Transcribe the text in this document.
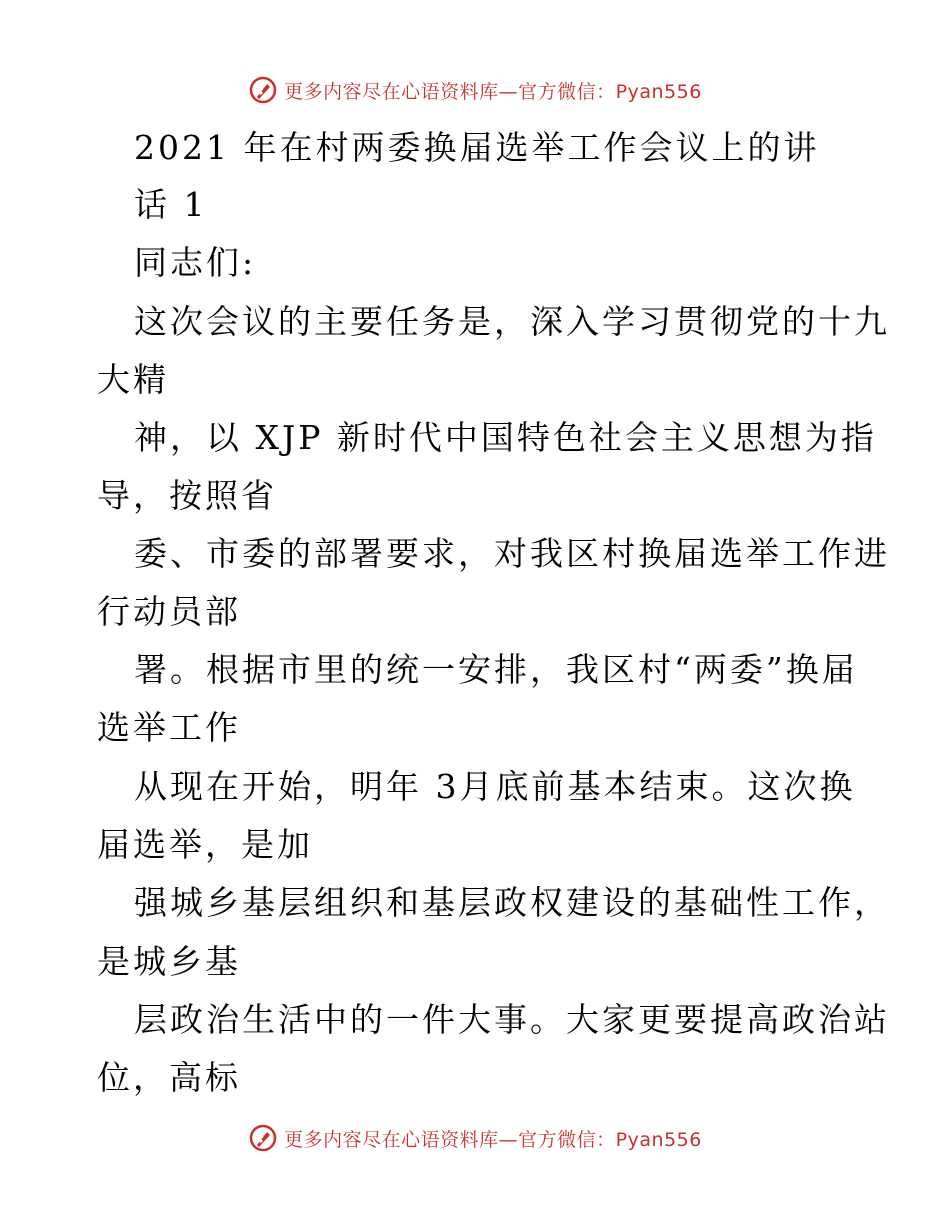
更多内容尽在心语资料库—官方微信：Pyan556
2021 年在村两委换届选举工作会议上的讲
话 1
同志们:
这次会议的主要任务是，深入学习贯彻党的十九
大精
神，以 XJP 新时代中国特色社会主义思想为指
导，按照省
委、市委的部署要求，对我区村换届选举工作进
行动员部
署。根据市里的统一安排，我区村“两委”换届
选举工作
从现在开始，明年 3月底前基本结束。这次换
届选举，是加
强城乡基层组织和基层政权建设的基础性工作，
是城乡基
层政治生活中的一件大事。大家更要提高政治站
位，高标
更多内容尽在心语资料库—官方微信：Pyan556
